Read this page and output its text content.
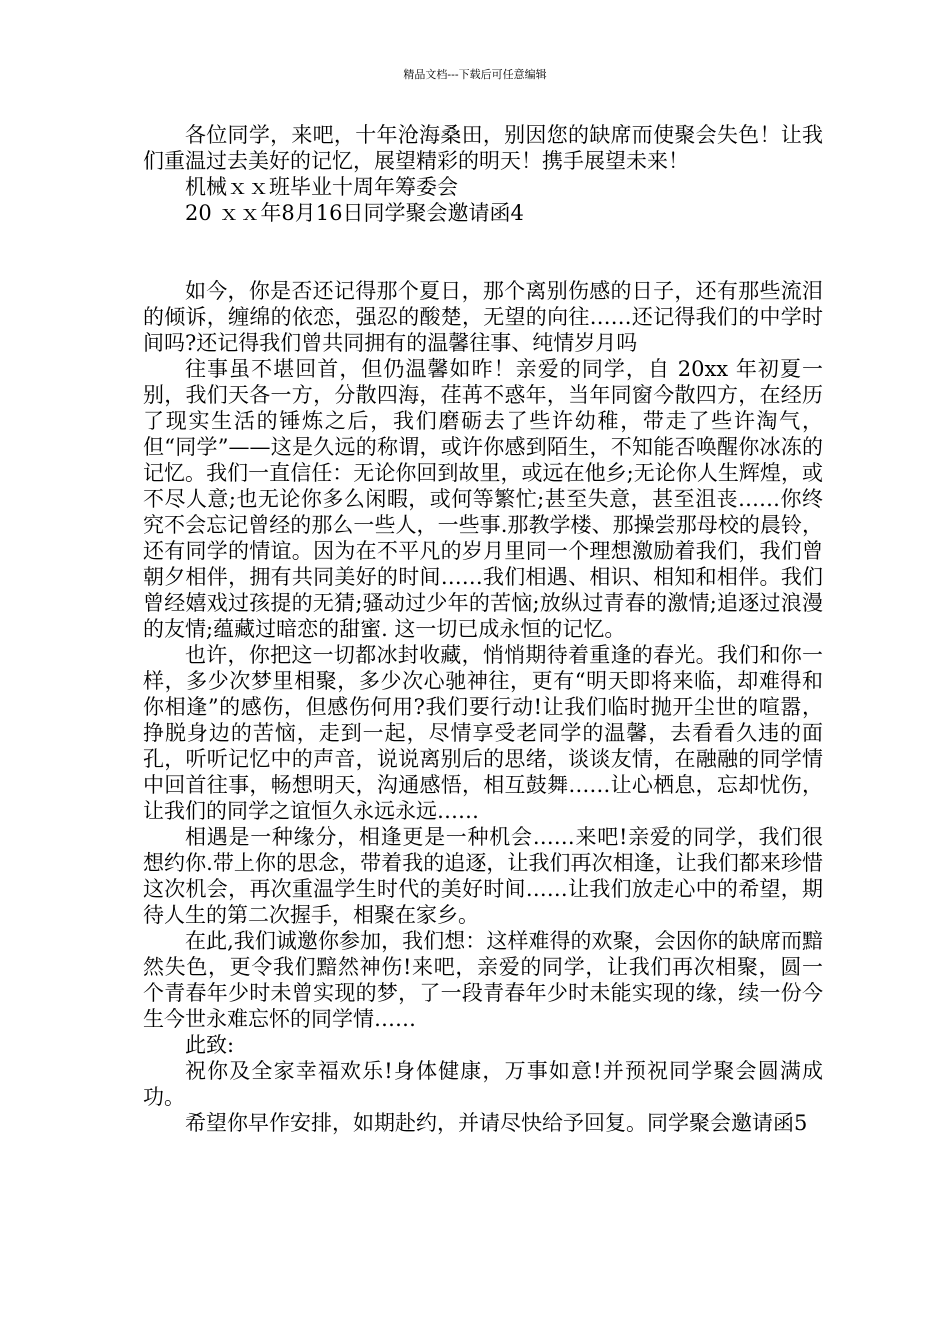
精品文档---下载后可任意编辑

各位同学，来吧，十年沧海桑田，别因您的缺席而使聚会失色！让我们重温过去美好的记忆，展望精彩的明天！携手展望未来！

机械ｘｘ班毕业十周年筹委会

20 ｘｘ年8月16日同学聚会邀请函4

如今，你是否还记得那个夏日，那个离别伤感的日子，还有那些流泪的倾诉，缠绵的依恋，强忍的酸楚，无望的向往……还记得我们的中学时间吗?还记得我们曾共同拥有的温馨往事、纯情岁月吗

往事虽不堪回首，但仍温馨如昨！亲爱的同学，自 20xx 年初夏一别，我们天各一方，分散四海，荏苒不惑年，当年同窗今散四方，在经历了现实生活的锤炼之后，我们磨砺去了些许幼稚，带走了些许淘气，但“同学”——这是久远的称谓，或许你感到陌生，不知能否唤醒你冰冻的记忆。我们一直信任：无论你回到故里，或远在他乡;无论你人生辉煌，或不尽人意;也无论你多么闲暇，或何等繁忙;甚至失意，甚至沮丧……你终究不会忘记曾经的那么一些人，一些事.那教学楼、那操尝那母校的晨铃，还有同学的情谊。因为在不平凡的岁月里同一个理想激励着我们，我们曾朝夕相伴，拥有共同美好的时间……我们相遇、相识、相知和相伴。我们曾经嬉戏过孩提的无猜;骚动过少年的苦恼;放纵过青春的激情;追逐过浪漫的友情;蕴藏过暗恋的甜蜜. 这一切已成永恒的记忆。

也许，你把这一切都冰封收藏，悄悄期待着重逢的春光。我们和你一样，多少次梦里相聚，多少次心驰神往，更有“明天即将来临，却难得和你相逢”的感伤，但感伤何用?我们要行动!让我们临时抛开尘世的喧嚣，挣脱身边的苦恼，走到一起，尽情享受老同学的温馨，去看看久违的面孔，听听记忆中的声音，说说离别后的思绪，谈谈友情，在融融的同学情中回首往事，畅想明天，沟通感悟，相互鼓舞……让心栖息，忘却忧伤，让我们的同学之谊恒久永远永远……

相遇是一种缘分，相逢更是一种机会……来吧!亲爱的同学，我们很想约你.带上你的思念，带着我的追逐，让我们再次相逢，让我们都来珍惜这次机会，再次重温学生时代的美好时间……让我们放走心中的希望，期待人生的第二次握手，相聚在家乡。

在此,我们诚邀你参加，我们想：这样难得的欢聚，会因你的缺席而黯然失色，更令我们黯然神伤!来吧，亲爱的同学，让我们再次相聚，圆一个青春年少时未曾实现的梦，了一段青春年少时未能实现的缘，续一份今生今世永难忘怀的同学情……

此致:

祝你及全家幸福欢乐!身体健康，万事如意!并预祝同学聚会圆满成功。

希望你早作安排，如期赴约，并请尽快给予回复。同学聚会邀请函5
